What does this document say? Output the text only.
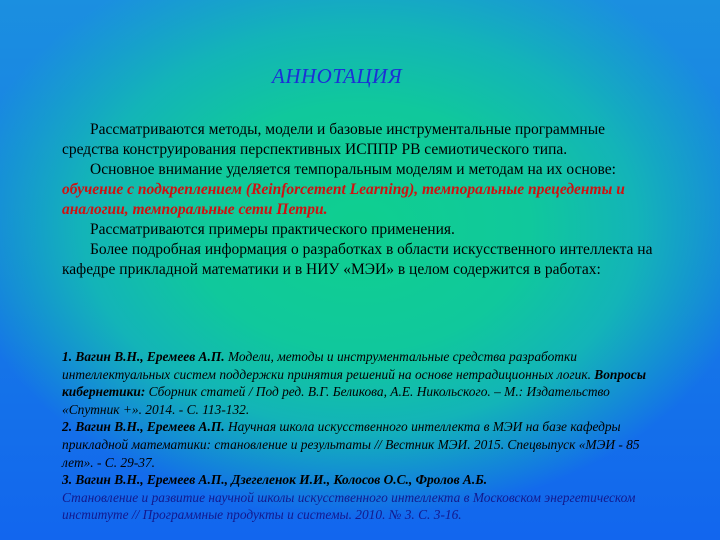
АННОТАЦИЯ

Рассматриваются методы, модели и базовые инструментальные программные средства конструирования перспективных ИСППР РВ семиотического типа.

Основное внимание уделяется темпоральным моделям и методам на их основе: обучение с подкреплением (Reinforcement Learning), темпоральные прецеденты и аналогии, темпоральные сети Петри.

Рассматриваются примеры практического применения.

Более подробная информация о разработках в области искусственного интеллекта на кафедре прикладной математики и в НИУ «МЭИ» в целом содержится в работах:

1. Вагин В.Н., Еремеев А.П. Модели, методы и инструментальные средства разработки интеллектуальных систем поддержки принятия решений на основе нетрадиционных логик. Вопросы кибернетики: Сборник статей / Под ред. В.Г. Беликова, А.Е. Никольского. – М.: Издательство «Спутник +». 2014. - С. 113-132.

2. Вагин В.Н., Еремеев А.П. Научная школа искусственного интеллекта в МЭИ на базе кафедры прикладной математики: становление и результаты // Вестник МЭИ. 2015. Спецвыпуск «МЭИ - 85 лет». - С. 29-37.

3. Вагин В.Н., Еремеев А.П., Дзегеленок И.И., Колосов О.С., Фролов А.Б.
Становление и развитие научной школы искусственного интеллекта в Московском энергетическом институте // Программные продукты и системы. 2010. № 3. С. 3-16.
